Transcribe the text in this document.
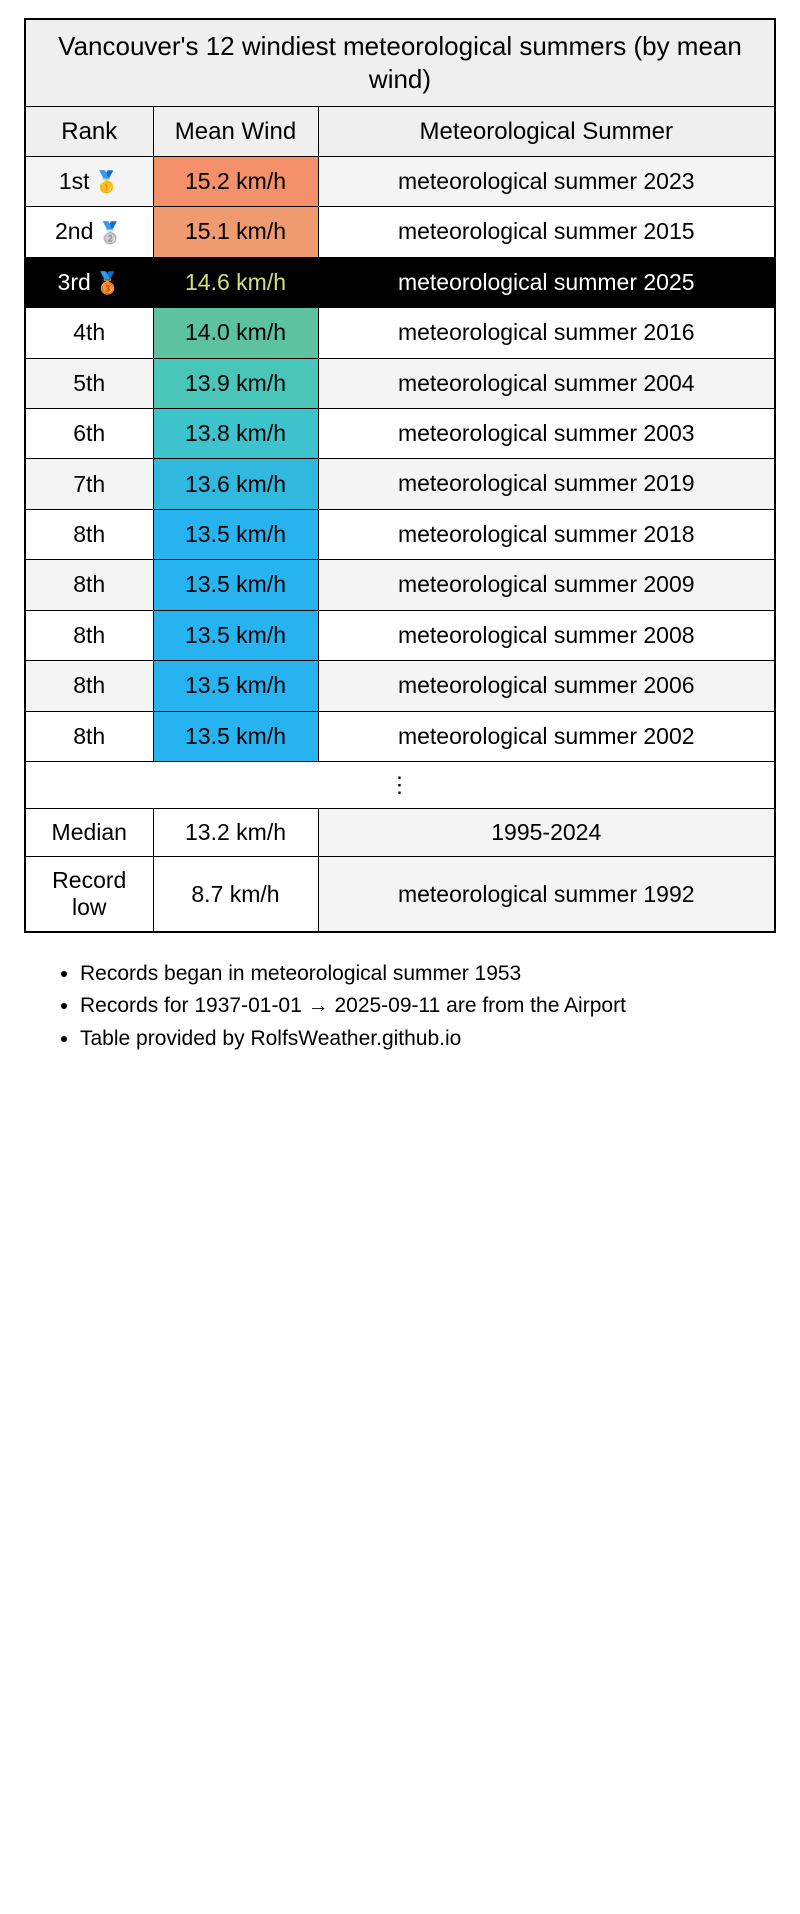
Vancouver's 12 windiest meteorological summers (by mean wind)		
Rank	Mean Wind	Meteorological Summer
1st 🥇	15.2 km/h	meteorological summer 2023
2nd 🥈	15.1 km/h	meteorological summer 2015
3rd 🥉	14.6 km/h	meteorological summer 2025
4th	14.0 km/h	meteorological summer 2016
5th	13.9 km/h	meteorological summer 2004
6th	13.8 km/h	meteorological summer 2003
7th	13.6 km/h	meteorological summer 2019
8th	13.5 km/h	meteorological summer 2018
8th	13.5 km/h	meteorological summer 2009
8th	13.5 km/h	meteorological summer 2008
8th	13.5 km/h	meteorological summer 2006
8th	13.5 km/h	meteorological summer 2002
⋮		
Median	13.2 km/h	1995-2024
Record low	8.7 km/h	meteorological summer 1992
• Records began in meteorological summer 1953
• Records for 1937-01-01 → 2025-09-11 are from the Airport
• Table provided by RolfsWeather.github.io
